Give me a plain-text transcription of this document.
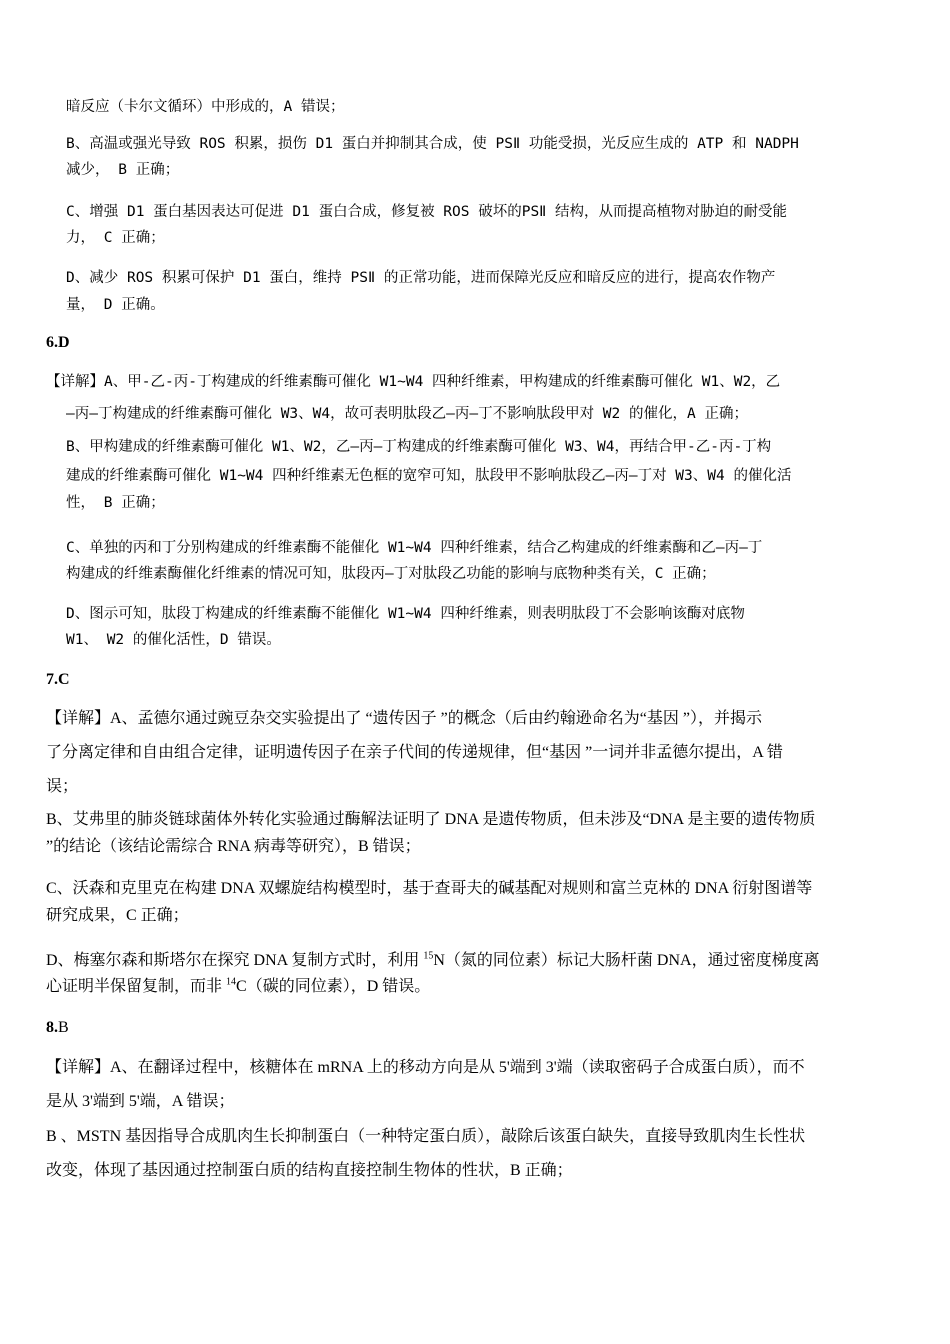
暗反应（卡尔文循环）中形成的，A 错误；
B、高温或强光导致 ROS 积累，损伤 D1 蛋白并抑制其合成，使 PSⅡ 功能受损，光反应生成的 ATP 和 NADPH
减少， B 正确；
C、增强 D1 蛋白基因表达可促进 D1 蛋白合成，修复被 ROS 破坏的PSⅡ 结构，从而提高植物对胁迫的耐受能
力， C 正确；
D、减少 ROS 积累可保护 D1 蛋白，维持 PSⅡ 的正常功能，进而保障光反应和暗反应的进行，提高农作物产
量， D 正确。
6.D
【详解】A、甲-乙-丙-丁构建成的纤维素酶可催化 W1~W4 四种纤维素，甲构建成的纤维素酶可催化 W1、W2，乙
—丙—丁构建成的纤维素酶可催化 W3、W4，故可表明肽段乙—丙—丁不影响肽段甲对 W2 的催化，A 正确；
B、甲构建成的纤维素酶可催化 W1、W2，乙—丙—丁构建成的纤维素酶可催化 W3、W4，再结合甲-乙-丙-丁构
建成的纤维素酶可催化 W1~W4 四种纤维素无色框的宽窄可知，肽段甲不影响肽段乙—丙—丁对 W3、W4 的催化活
性， B 正确；
C、单独的丙和丁分别构建成的纤维素酶不能催化 W1~W4 四种纤维素，结合乙构建成的纤维素酶和乙—丙—丁
构建成的纤维素酶催化纤维素的情况可知，肽段丙—丁对肽段乙功能的影响与底物种类有关，C 正确；
D、图示可知，肽段丁构建成的纤维素酶不能催化 W1~W4 四种纤维素，则表明肽段丁不会影响该酶对底物
W1、 W2 的催化活性，D 错误。
7.C
【详解】A、孟德尔通过豌豆杂交实验提出了 “遗传因子 ”的概念（后由约翰逊命名为“基因 ”），并揭示
了分离定律和自由组合定律，证明遗传因子在亲子代间的传递规律，但“基因 ”一词并非孟德尔提出，A 错
误；
B、艾弗里的肺炎链球菌体外转化实验通过酶解法证明了 DNA 是遗传物质，但未涉及“DNA 是主要的遗传物质
”的结论（该结论需综合 RNA 病毒等研究），B 错误；
C、沃森和克里克在构建 DNA 双螺旋结构模型时，基于查哥夫的碱基配对规则和富兰克林的 DNA 衍射图谱等
研究成果，C 正确；
D、梅塞尔森和斯塔尔在探究 DNA 复制方式时，利用 $^{15}$N（氮的同位素）标记大肠杆菌 DNA，通过密度梯度离
心证明半保留复制，而非 $^{14}$C（碳的同位素），D 错误。
8.B
【详解】A、在翻译过程中，核糖体在 mRNA 上的移动方向是从 5'端到 3'端（读取密码子合成蛋白质），而不
是从 3'端到 5'端，A 错误；
B 、MSTN 基因指导合成肌肉生长抑制蛋白（一种特定蛋白质），敲除后该蛋白缺失，直接导致肌肉生长性状
改变，体现了基因通过控制蛋白质的结构直接控制生物体的性状，B 正确；
